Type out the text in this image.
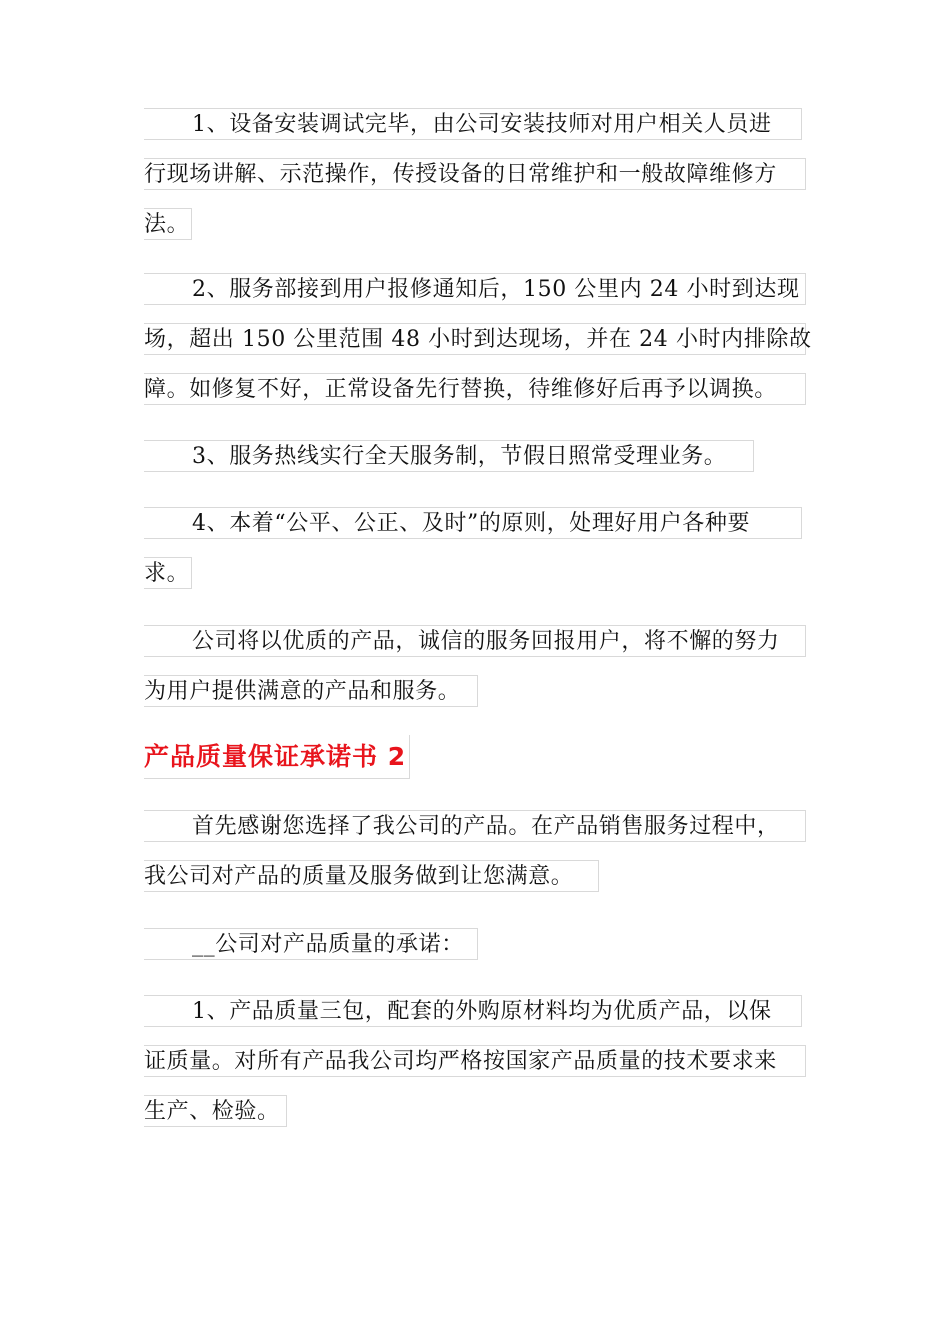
1、设备安装调试完毕，由公司安装技师对用户相关人员进
行现场讲解、示范操作，传授设备的日常维护和一般故障维修方
法。
2、服务部接到用户报修通知后，150 公里内 24 小时到达现
场，超出 150 公里范围 48 小时到达现场，并在 24 小时内排除故
障。如修复不好，正常设备先行替换，待维修好后再予以调换。
3、服务热线实行全天服务制，节假日照常受理业务。
4、本着“公平、公正、及时”的原则，处理好用户各种要
求。
公司将以优质的产品，诚信的服务回报用户，将不懈的努力
为用户提供满意的产品和服务。
产品质量保证承诺书 2
首先感谢您选择了我公司的产品。在产品销售服务过程中，
我公司对产品的质量及服务做到让您满意。
__公司对产品质量的承诺：
1、产品质量三包，配套的外购原材料均为优质产品，以保
证质量。对所有产品我公司均严格按国家产品质量的技术要求来
生产、检验。
